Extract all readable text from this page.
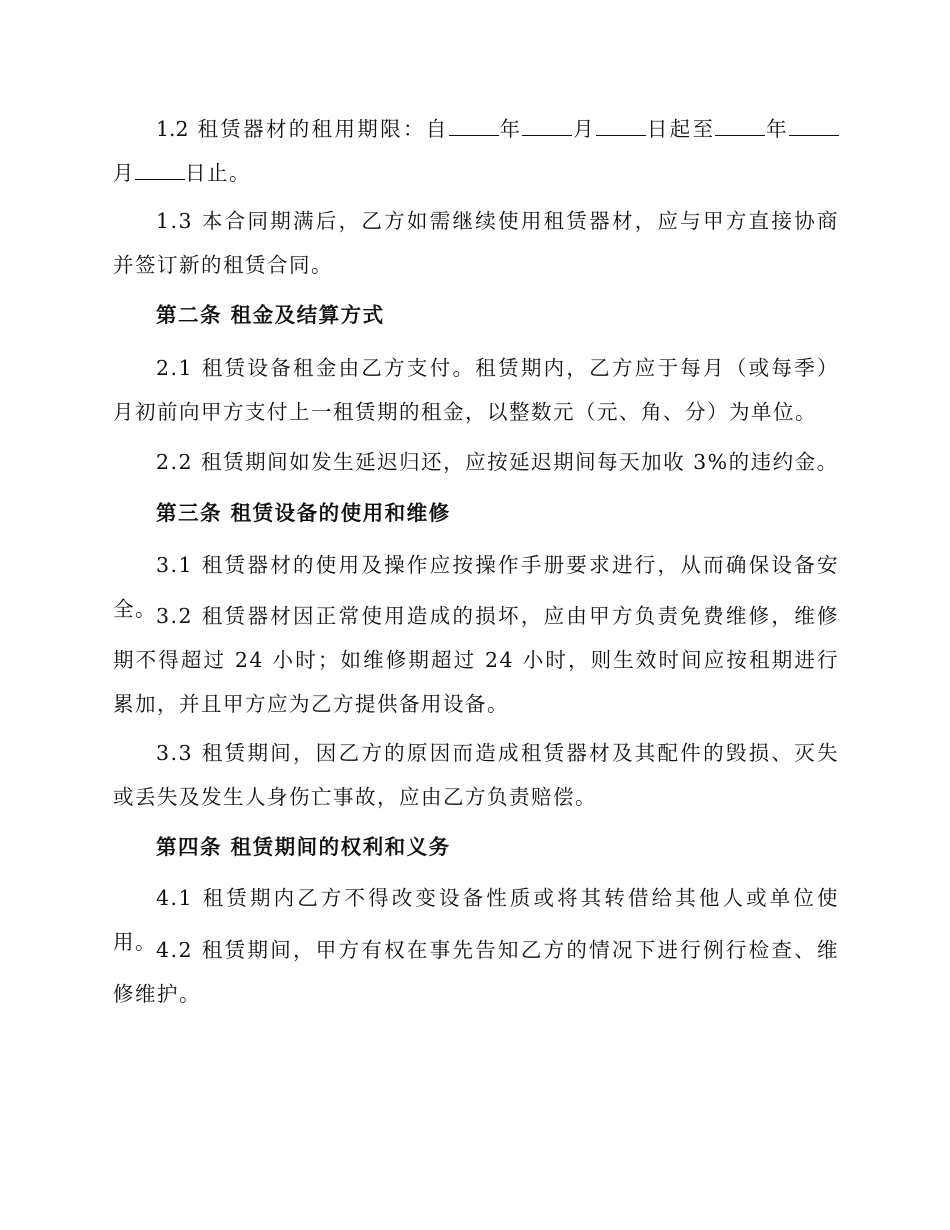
1.2 租赁器材的租用期限：自 年 月 日起至 年月 日止。

1.3 本合同期满后，乙方如需继续使用租赁器材，应与甲方直接协商并签订新的租赁合同。

第二条 租金及结算方式

2.1 租赁设备租金由乙方支付。租赁期内，乙方应于每月（或每季）月初前向甲方支付上一租赁期的租金，以整数元（元、角、分）为单位。

2.2 租赁期间如发生延迟归还，应按延迟期间每天加收 3%的违约金。

第三条 租赁设备的使用和维修

3.1 租赁器材的使用及操作应按操作手册要求进行，从而确保设备安全。 3.2 租赁器材因正常使用造成的损坏，应由甲方负责免费维修，维修期不得超过 24 小时；如维修期超过 24 小时，则生效时间应按租期进行累加，并且甲方应为乙方提供备用设备。

3.3 租赁期间，因乙方的原因而造成租赁器材及其配件的毁损、灭失或丢失及发生人身伤亡事故，应由乙方负责赔偿。

第四条 租赁期间的权利和义务

4.1 租赁期内乙方不得改变设备性质或将其转借给其他人或单位使用。 4.2 租赁期间，甲方有权在事先告知乙方的情况下进行例行检查、维修维护。
